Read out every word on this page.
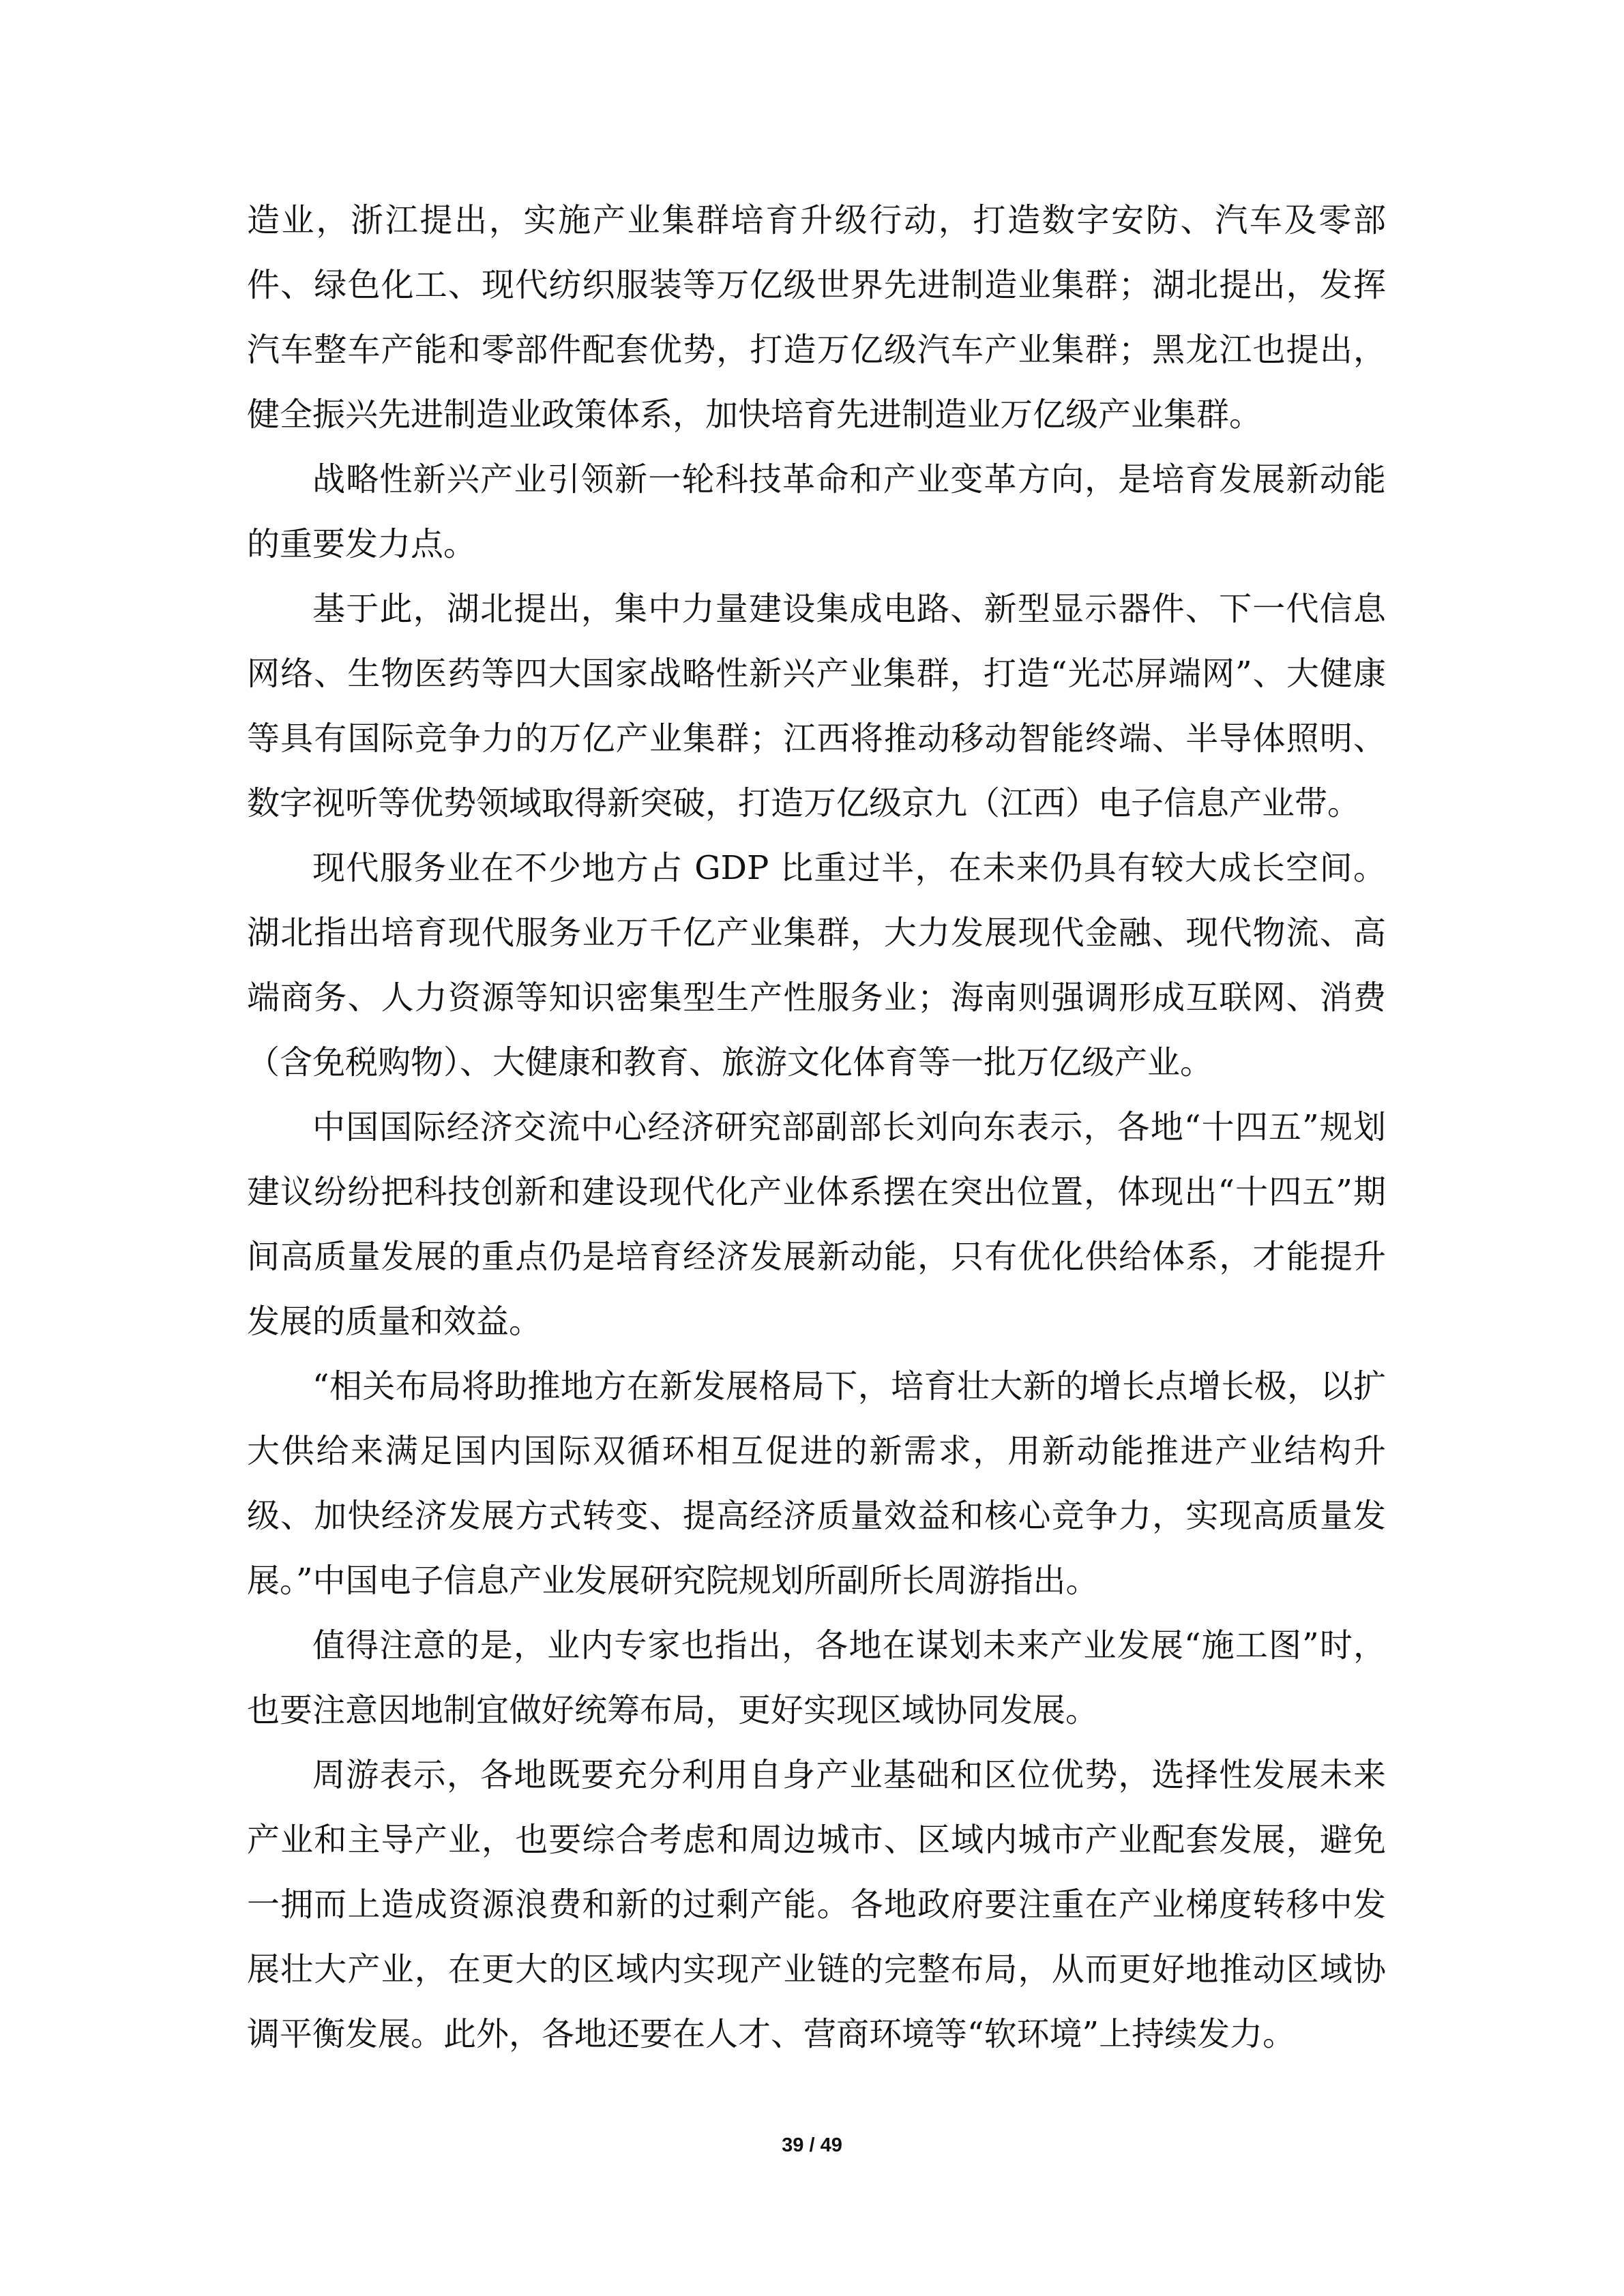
造业，浙江提出，实施产业集群培育升级行动，打造数字安防、汽车及零部件、绿色化工、现代纺织服装等万亿级世界先进制造业集群；湖北提出，发挥汽车整车产能和零部件配套优势，打造万亿级汽车产业集群；黑龙江也提出，健全振兴先进制造业政策体系，加快培育先进制造业万亿级产业集群。

战略性新兴产业引领新一轮科技革命和产业变革方向，是培育发展新动能的重要发力点。

基于此，湖北提出，集中力量建设集成电路、新型显示器件、下一代信息网络、生物医药等四大国家战略性新兴产业集群，打造“光芯屏端网”、大健康等具有国际竞争力的万亿产业集群；江西将推动移动智能终端、半导体照明、数字视听等优势领域取得新突破，打造万亿级京九（江西）电子信息产业带。

现代服务业在不少地方占 GDP 比重过半，在未来仍具有较大成长空间。湖北指出培育现代服务业万千亿产业集群，大力发展现代金融、现代物流、高端商务、人力资源等知识密集型生产性服务业；海南则强调形成互联网、消费（含免税购物）、大健康和教育、旅游文化体育等一批万亿级产业。

中国国际经济交流中心经济研究部副部长刘向东表示，各地“十四五”规划建议纷纷把科技创新和建设现代化产业体系摆在突出位置，体现出“十四五”期间高质量发展的重点仍是培育经济发展新动能，只有优化供给体系，才能提升发展的质量和效益。

“相关布局将助推地方在新发展格局下，培育壮大新的增长点增长极，以扩大供给来满足国内国际双循环相互促进的新需求，用新动能推进产业结构升级、加快经济发展方式转变、提高经济质量效益和核心竞争力，实现高质量发展。”中国电子信息产业发展研究院规划所副所长周游指出。

值得注意的是，业内专家也指出，各地在谋划未来产业发展“施工图”时，也要注意因地制宜做好统筹布局，更好实现区域协同发展。

周游表示，各地既要充分利用自身产业基础和区位优势，选择性发展未来产业和主导产业，也要综合考虑和周边城市、区域内城市产业配套发展，避免一拥而上造成资源浪费和新的过剩产能。各地政府要注重在产业梯度转移中发展壮大产业，在更大的区域内实现产业链的完整布局，从而更好地推动区域协调平衡发展。此外，各地还要在人才、营商环境等“软环境”上持续发力。

39 / 49
